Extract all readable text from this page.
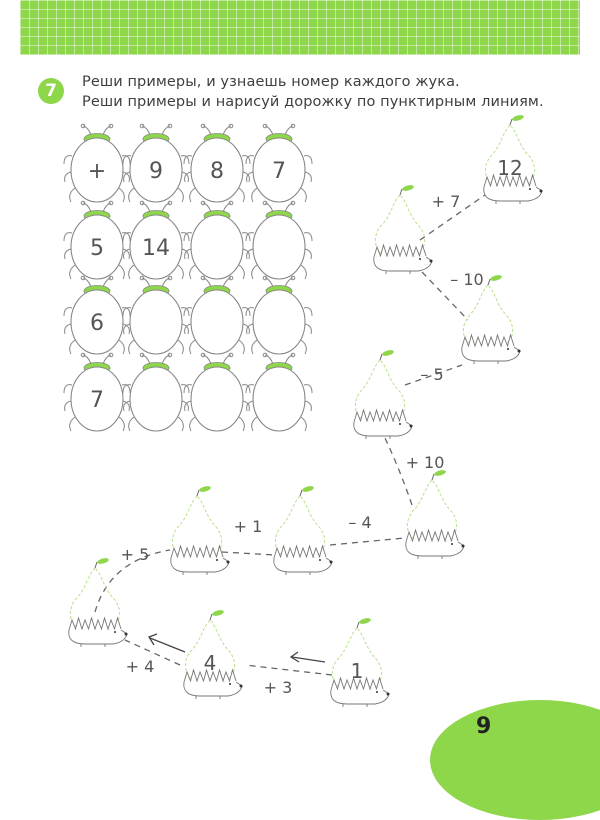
7	Реши примеры, и узнаешь номер каждого жука.
Реши примеры и нарисуй дорожку по пунктирным линиям.
+ 9 8 7
5 14
6
7
1
4
12
+ 3
+ 4
+ 5
+ 1	– 4
+ 10
– 5
– 10
+ 7
9
